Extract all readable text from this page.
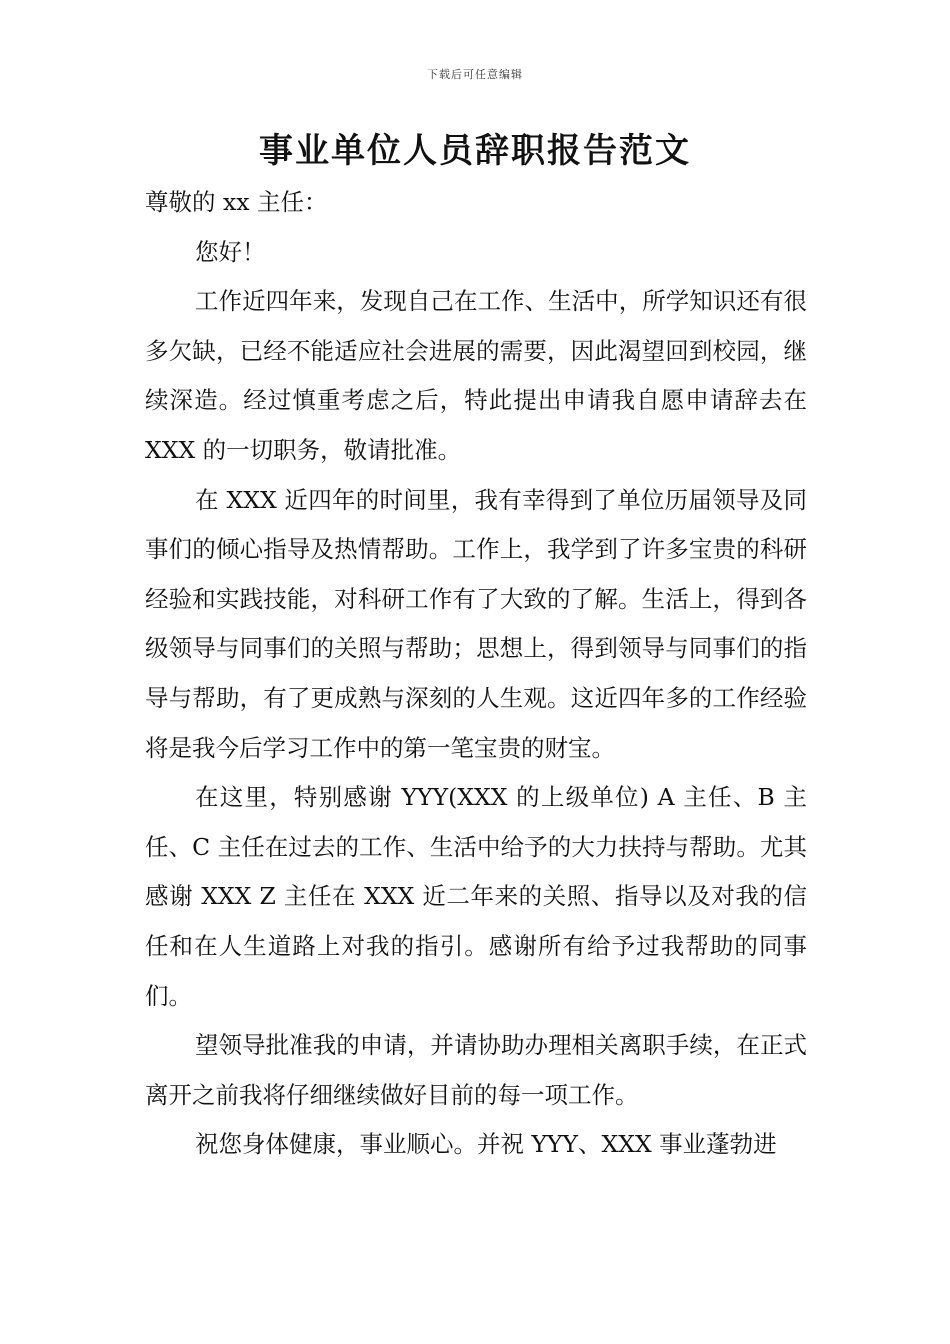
下载后可任意编辑
事业单位人员辞职报告范文

尊敬的 xx 主任：

您好！

工作近四年来，发现自己在工作、生活中，所学知识还有很多欠缺，已经不能适应社会进展的需要，因此渴望回到校园，继续深造。经过慎重考虑之后，特此提出申请我自愿申请辞去在 XXX 的一切职务，敬请批准。

在 XXX 近四年的时间里，我有幸得到了单位历届领导及同事们的倾心指导及热情帮助。工作上，我学到了许多宝贵的科研经验和实践技能，对科研工作有了大致的了解。生活上，得到各级领导与同事们的关照与帮助；思想上，得到领导与同事们的指导与帮助，有了更成熟与深刻的人生观。这近四年多的工作经验将是我今后学习工作中的第一笔宝贵的财宝。

在这里，特别感谢 YYY(XXX 的上级单位) A 主任、B 主任、C 主任在过去的工作、生活中给予的大力扶持与帮助。尤其感谢 XXX Z 主任在 XXX 近二年来的关照、指导以及对我的信任和在人生道路上对我的指引。感谢所有给予过我帮助的同事们。

望领导批准我的申请，并请协助办理相关离职手续，在正式离开之前我将仔细继续做好目前的每一项工作。

祝您身体健康，事业顺心。并祝 YYY、XXX 事业蓬勃进
